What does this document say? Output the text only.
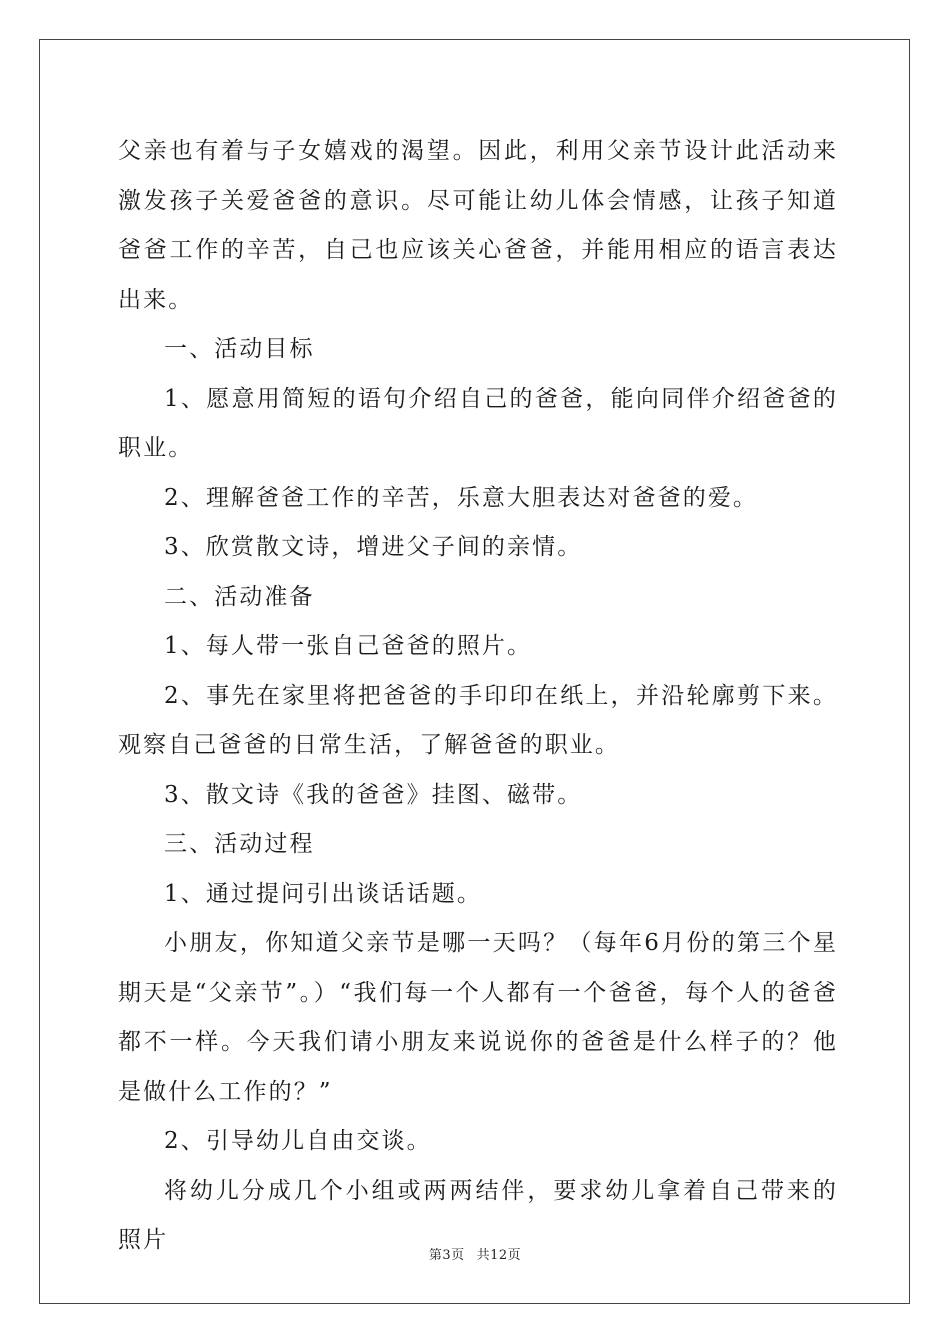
父亲也有着与子女嬉戏的渴望。因此，利用父亲节设计此活动来激发孩子关爱爸爸的意识。尽可能让幼儿体会情感，让孩子知道爸爸工作的辛苦，自己也应该关心爸爸，并能用相应的语言表达出来。

一、活动目标

1、愿意用简短的语句介绍自己的爸爸，能向同伴介绍爸爸的职业。

2、理解爸爸工作的辛苦，乐意大胆表达对爸爸的爱。

3、欣赏散文诗，增进父子间的亲情。

二、活动准备

1、每人带一张自己爸爸的照片。

2、事先在家里将把爸爸的手印印在纸上，并沿轮廓剪下来。观察自己爸爸的日常生活，了解爸爸的职业。

3、散文诗《我的爸爸》挂图、磁带。

三、活动过程

1、通过提问引出谈话话题。

小朋友，你知道父亲节是哪一天吗？（每年6月份的第三个星期天是“父亲节”。）“我们每一个人都有一个爸爸，每个人的爸爸都不一样。今天我们请小朋友来说说你的爸爸是什么样子的？他是做什么工作的？”

2、引导幼儿自由交谈。

将幼儿分成几个小组或两两结伴，要求幼儿拿着自己带来的照片

第3页 共12页
